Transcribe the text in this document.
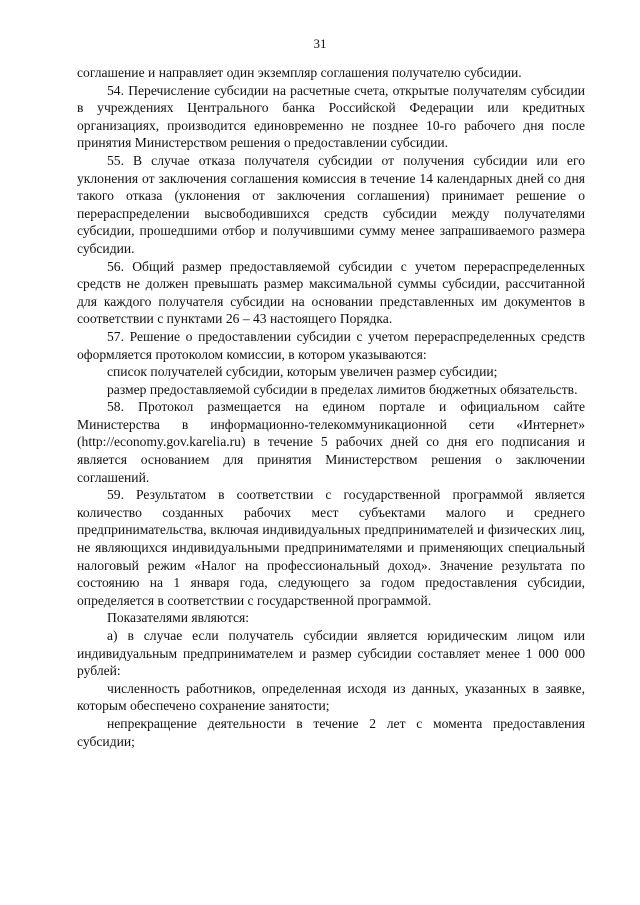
31

соглашение и направляет один экземпляр соглашения получателю субсидии.

54. Перечисление субсидии на расчетные счета, открытые получателям субсидии в учреждениях Центрального банка Российской Федерации или кредитных организациях, производится единовременно не позднее 10-го рабочего дня после принятия Министерством решения о предоставлении субсидии.

55. В случае отказа получателя субсидии от получения субсидии или его уклонения от заключения соглашения комиссия в течение 14 календарных дней со дня такого отказа (уклонения от заключения соглашения) принимает решение о перераспределении высвободившихся средств субсидии между получателями субсидии, прошедшими отбор и получившими сумму менее запрашиваемого размера субсидии.

56. Общий размер предоставляемой субсидии с учетом перераспределенных средств не должен превышать размер максимальной суммы субсидии, рассчитанной для каждого получателя субсидии на основании представленных им документов в соответствии с пунктами 26 – 43 настоящего Порядка.

57. Решение о предоставлении субсидии с учетом перераспределенных средств оформляется протоколом комиссии, в котором указываются:

список получателей субсидии, которым увеличен размер субсидии;

размер предоставляемой субсидии в пределах лимитов бюджетных обязательств.

58. Протокол размещается на едином портале и официальном сайте Министерства в информационно-телекоммуникационной сети «Интернет» (http://economy.gov.karelia.ru) в течение 5 рабочих дней со дня его подписания и является основанием для принятия Министерством решения о заключении соглашений.

59. Результатом в соответствии с государственной программой является количество созданных рабочих мест субъектами малого и среднего предпринимательства, включая индивидуальных предпринимателей и физических лиц, не являющихся индивидуальными предпринимателями и применяющих специальный налоговый режим «Налог на профессиональный доход». Значение результата по состоянию на 1 января года, следующего за годом предоставления субсидии, определяется в соответствии с государственной программой.

Показателями являются:

а) в случае если получатель субсидии является юридическим лицом или индивидуальным предпринимателем и размер субсидии составляет менее 1 000 000 рублей:

численность работников, определенная исходя из данных, указанных в заявке, которым обеспечено сохранение занятости;

непрекращение деятельности в течение 2 лет с момента предоставления субсидии;
